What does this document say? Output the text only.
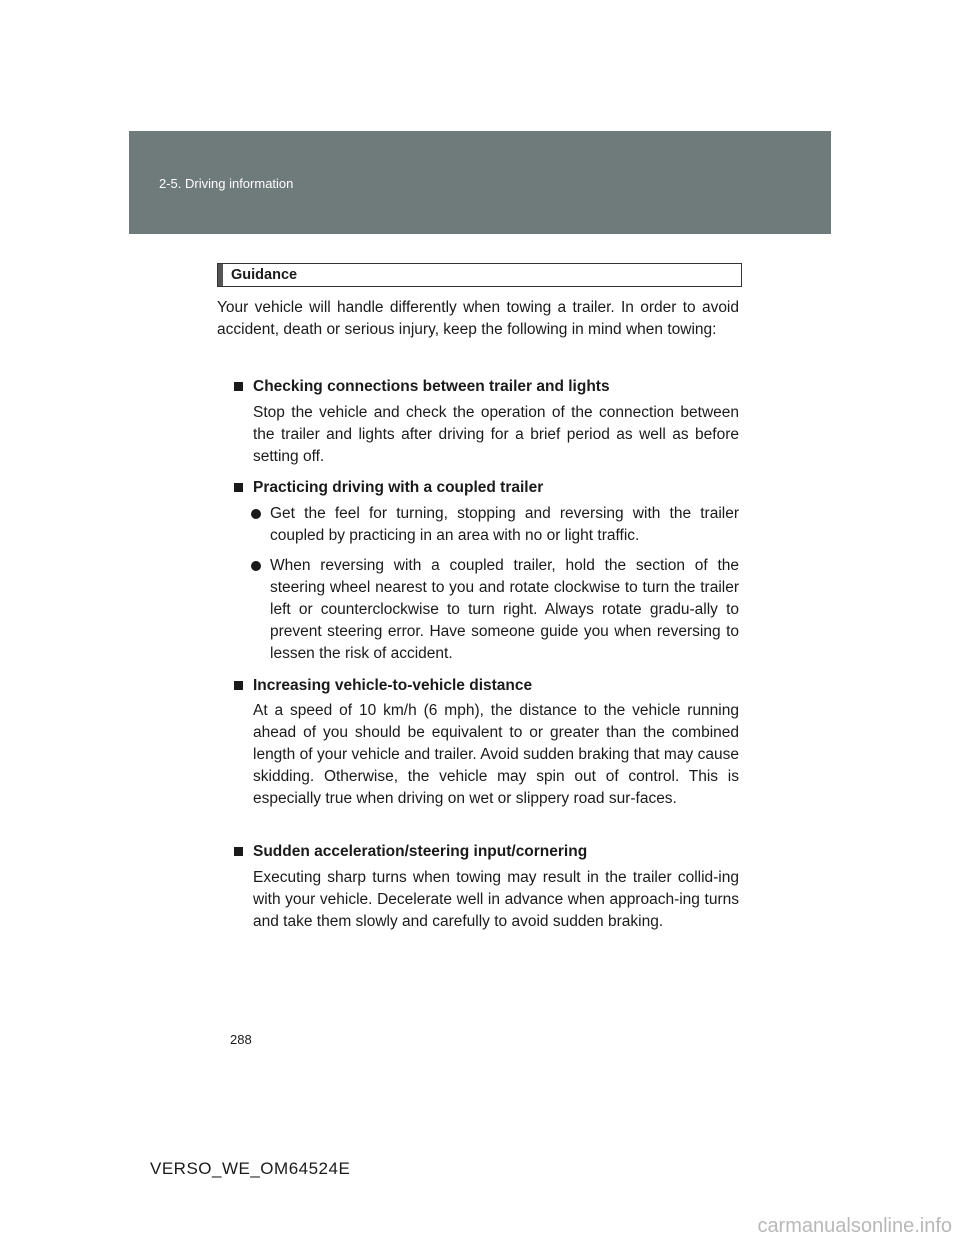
2-5. Driving information
Guidance
Your vehicle will handle differently when towing a trailer. In order to avoid accident, death or serious injury, keep the following in mind when towing:
Checking connections between trailer and lights
Stop the vehicle and check the operation of the connection between the trailer and lights after driving for a brief period as well as before setting off.
Practicing driving with a coupled trailer
Get the feel for turning, stopping and reversing with the trailer coupled by practicing in an area with no or light traffic.
When reversing with a coupled trailer, hold the section of the steering wheel nearest to you and rotate clockwise to turn the trailer left or counterclockwise to turn right. Always rotate gradu-ally to prevent steering error. Have someone guide you when reversing to lessen the risk of accident.
Increasing vehicle-to-vehicle distance
At a speed of 10 km/h (6 mph), the distance to the vehicle running ahead of you should be equivalent to or greater than the combined length of your vehicle and trailer. Avoid sudden braking that may cause skidding. Otherwise, the vehicle may spin out of control. This is especially true when driving on wet or slippery road sur-faces.
Sudden acceleration/steering input/cornering
Executing sharp turns when towing may result in the trailer collid-ing with your vehicle. Decelerate well in advance when approach-ing turns and take them slowly and carefully to avoid sudden braking.
288
VERSO_WE_OM64524E
carmanualsonline.info
